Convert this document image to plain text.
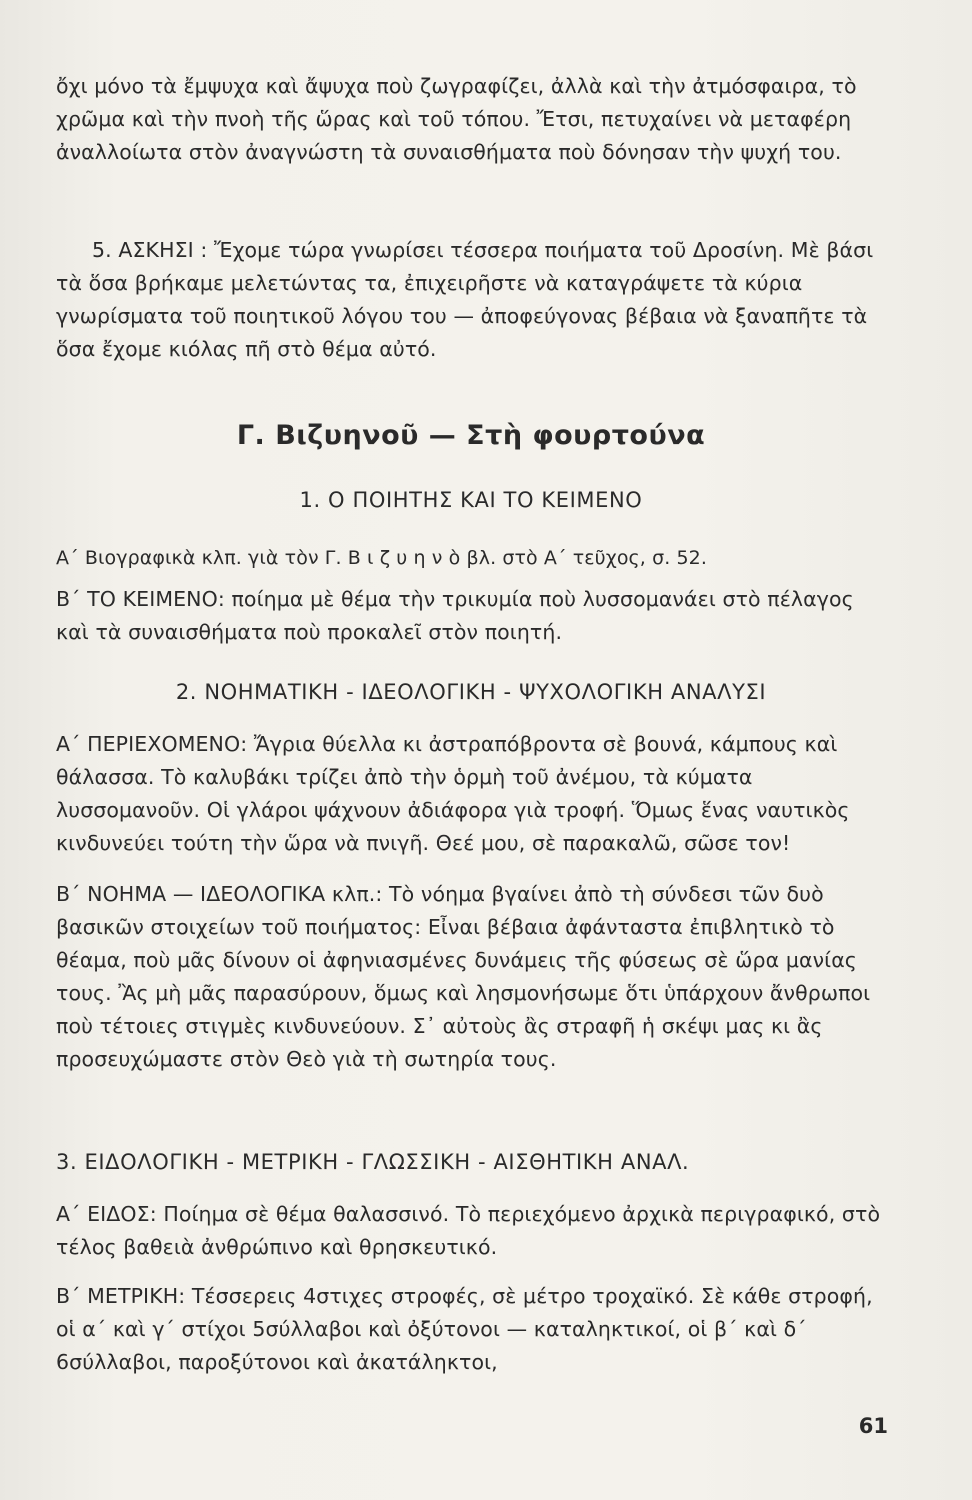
ὄχι μόνο τὰ ἔμψυχα καὶ ἄψυχα ποὺ ζωγραφίζει, ἀλλὰ καὶ τὴν ἀτμόσφαιρα, τὸ χρῶμα καὶ τὴν πνοὴ τῆς ὥρας καὶ τοῦ τόπου. Ἔτσι, πετυχαίνει νὰ μεταφέρη ἀναλλοίωτα στὸν ἀναγνώστη τὰ συναισθήματα ποὺ δόνησαν τὴν ψυχή του.

5. ΑΣΚΗΣΙ : Ἔχομε τώρα γνωρίσει τέσσερα ποιήματα τοῦ Δροσίνη. Μὲ βάσι τὰ ὅσα βρήκαμε μελετώντας τα, ἐπιχειρῆστε νὰ καταγράψετε τὰ κύρια γνωρίσματα τοῦ ποιητικοῦ λόγου του — ἀποφεύγονας βέβαια νὰ ξαναπῆτε τὰ ὅσα ἔχομε κιόλας πῆ στὸ θέμα αὐτό.

Γ. Βιζυηνοῦ — Στὴ φουρτούνα
1. Ο ΠΟΙΗΤΗΣ ΚΑΙ ΤΟ ΚΕΙΜΕΝΟ

Α΄ Βιογραφικὰ κλπ. γιὰ τὸν Γ. Β ι ζ υ η ν ὸ βλ. στὸ Α΄ τεῦχος, σ. 52.

Β΄ ΤΟ ΚΕΙΜΕΝΟ: ποίημα μὲ θέμα τὴν τρικυμία ποὺ λυσσομανάει στὸ πέλαγος καὶ τὰ συναισθήματα ποὺ προκαλεῖ στὸν ποιητή.

2. ΝΟΗΜΑΤΙΚΗ - ΙΔΕΟΛΟΓΙΚΗ - ΨΥΧΟΛΟΓΙΚΗ ΑΝΑΛΥΣΙ

Α΄ ΠΕΡΙΕΧΟΜΕΝΟ: Ἄγρια θύελλα κι ἀστραπόβροντα σὲ βουνά, κάμπους καὶ θάλασσα. Τὸ καλυβάκι τρίζει ἀπὸ τὴν ὁρμὴ τοῦ ἀνέμου, τὰ κύματα λυσσομανοῦν. Οἱ γλάροι ψάχνουν ἀδιάφορα γιὰ τροφή. Ὅμως ἕνας ναυτικὸς κινδυνεύει τούτη τὴν ὥρα νὰ πνιγῆ. Θεέ μου, σὲ παρακαλῶ, σῶσε τον!

Β΄ ΝΟΗΜΑ — ΙΔΕΟΛΟΓΙΚΑ κλπ.: Τὸ νόημα βγαίνει ἀπὸ τὴ σύνδεσι τῶν δυὸ βασικῶν στοιχείων τοῦ ποιήματος: Εἶναι βέβαια ἀφάνταστα ἐπιβλητικὸ τὸ θέαμα, ποὺ μᾶς δίνουν οἱ ἀφηνιασμένες δυνάμεις τῆς φύσεως σὲ ὥρα μανίας τους. Ἂς μὴ μᾶς παρασύρουν, ὅμως καὶ λησμονήσωμε ὅτι ὑπάρχουν ἄνθρωποι ποὺ τέτοιες στιγμὲς κινδυνεύουν. Σ᾽ αὐτοὺς ἂς στραφῆ ἡ σκέψι μας κι ἂς προσευχώμαστε στὸν Θεὸ γιὰ τὴ σωτηρία τους.

3. ΕΙΔΟΛΟΓΙΚΗ - ΜΕΤΡΙΚΗ - ΓΛΩΣΣΙΚΗ - ΑΙΣΘΗΤΙΚΗ ΑΝΑΛ.

Α΄ ΕΙΔΟΣ: Ποίημα σὲ θέμα θαλασσινό. Τὸ περιεχόμενο ἀρχικὰ περιγραφικό, στὸ τέλος βαθειὰ ἀνθρώπινο καὶ θρησκευτικό.

Β΄ ΜΕΤΡΙΚΗ: Τέσσερεις 4στιχες στροφές, σὲ μέτρο τροχαϊκό. Σὲ κάθε στροφή, οἱ α΄ καὶ γ΄ στίχοι 5σύλλαβοι καὶ ὀξύτονοι — καταληκτικοί, οἱ β΄ καὶ δ΄ 6σύλλαβοι, παροξύτονοι καὶ ἀκατάληκτοι,

61
